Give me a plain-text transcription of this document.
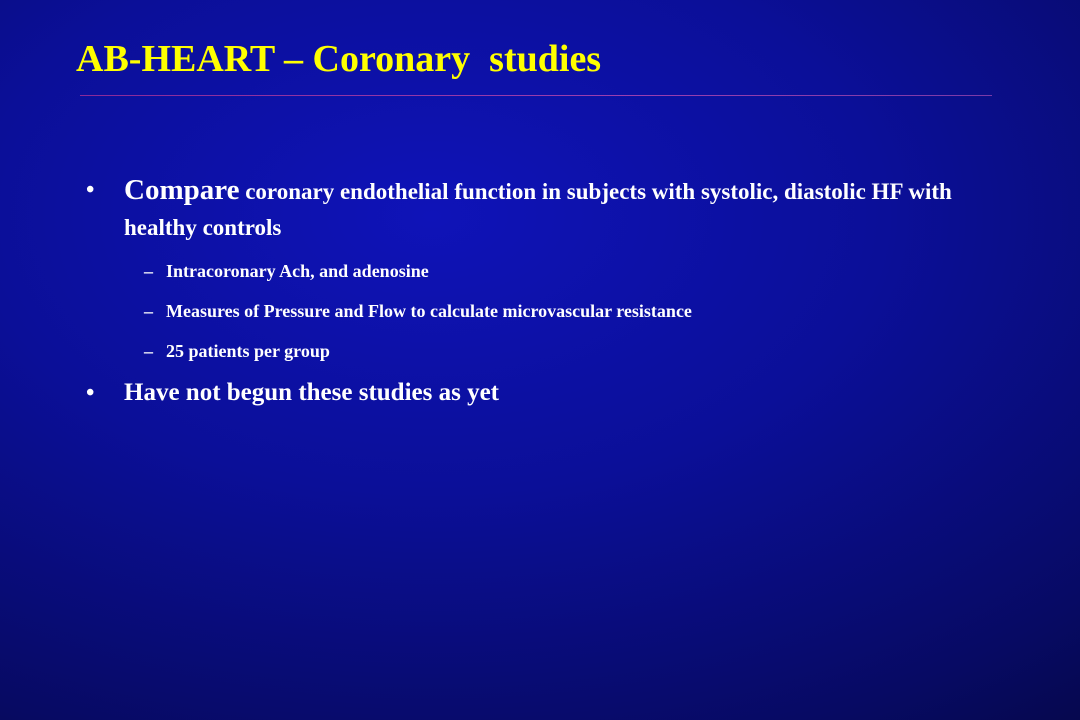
AB-HEART – Coronary  studies

• Compare coronary endothelial function in subjects with systolic, diastolic HF with healthy controls

– Intracoronary Ach, and adenosine

– Measures of Pressure and Flow to calculate microvascular resistance

– 25 patients per group

• Have not begun these studies as yet
